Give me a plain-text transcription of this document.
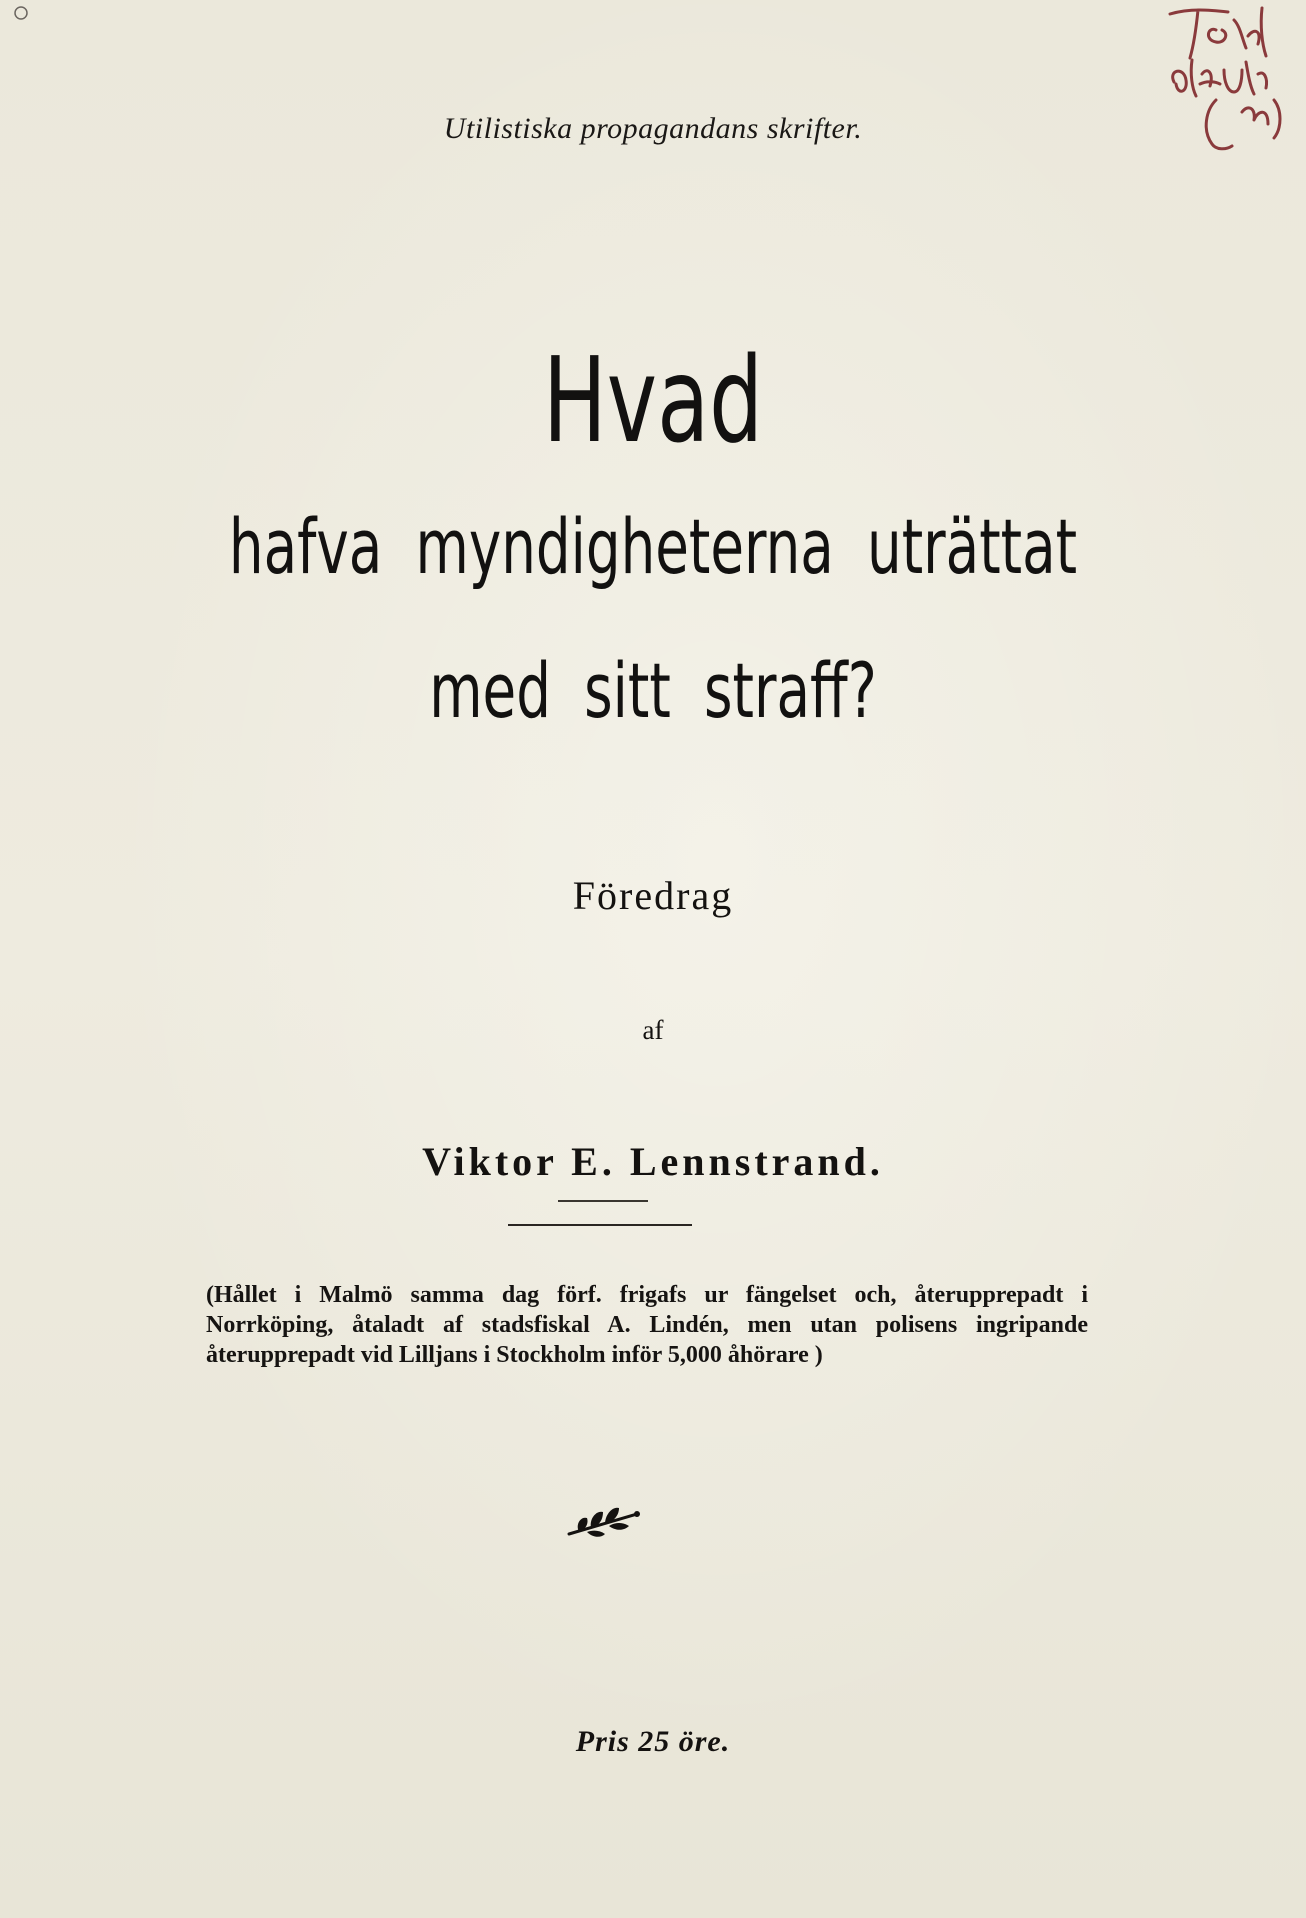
Utilistiska propagandans skrifter.
Hvad
hafva myndigheterna uträttat
med sitt straff?
Föredrag
af
Viktor E. Lennstrand.
(Hållet i Malmö samma dag förf. frigafs ur fängelset och, återupprepadt i Norrköping, åtaladt af stadsfiskal A. Lindén, men utan polisens ingripande återupprepadt vid Lilljans i Stockholm inför 5,000 åhörare )
Pris 25 öre.
